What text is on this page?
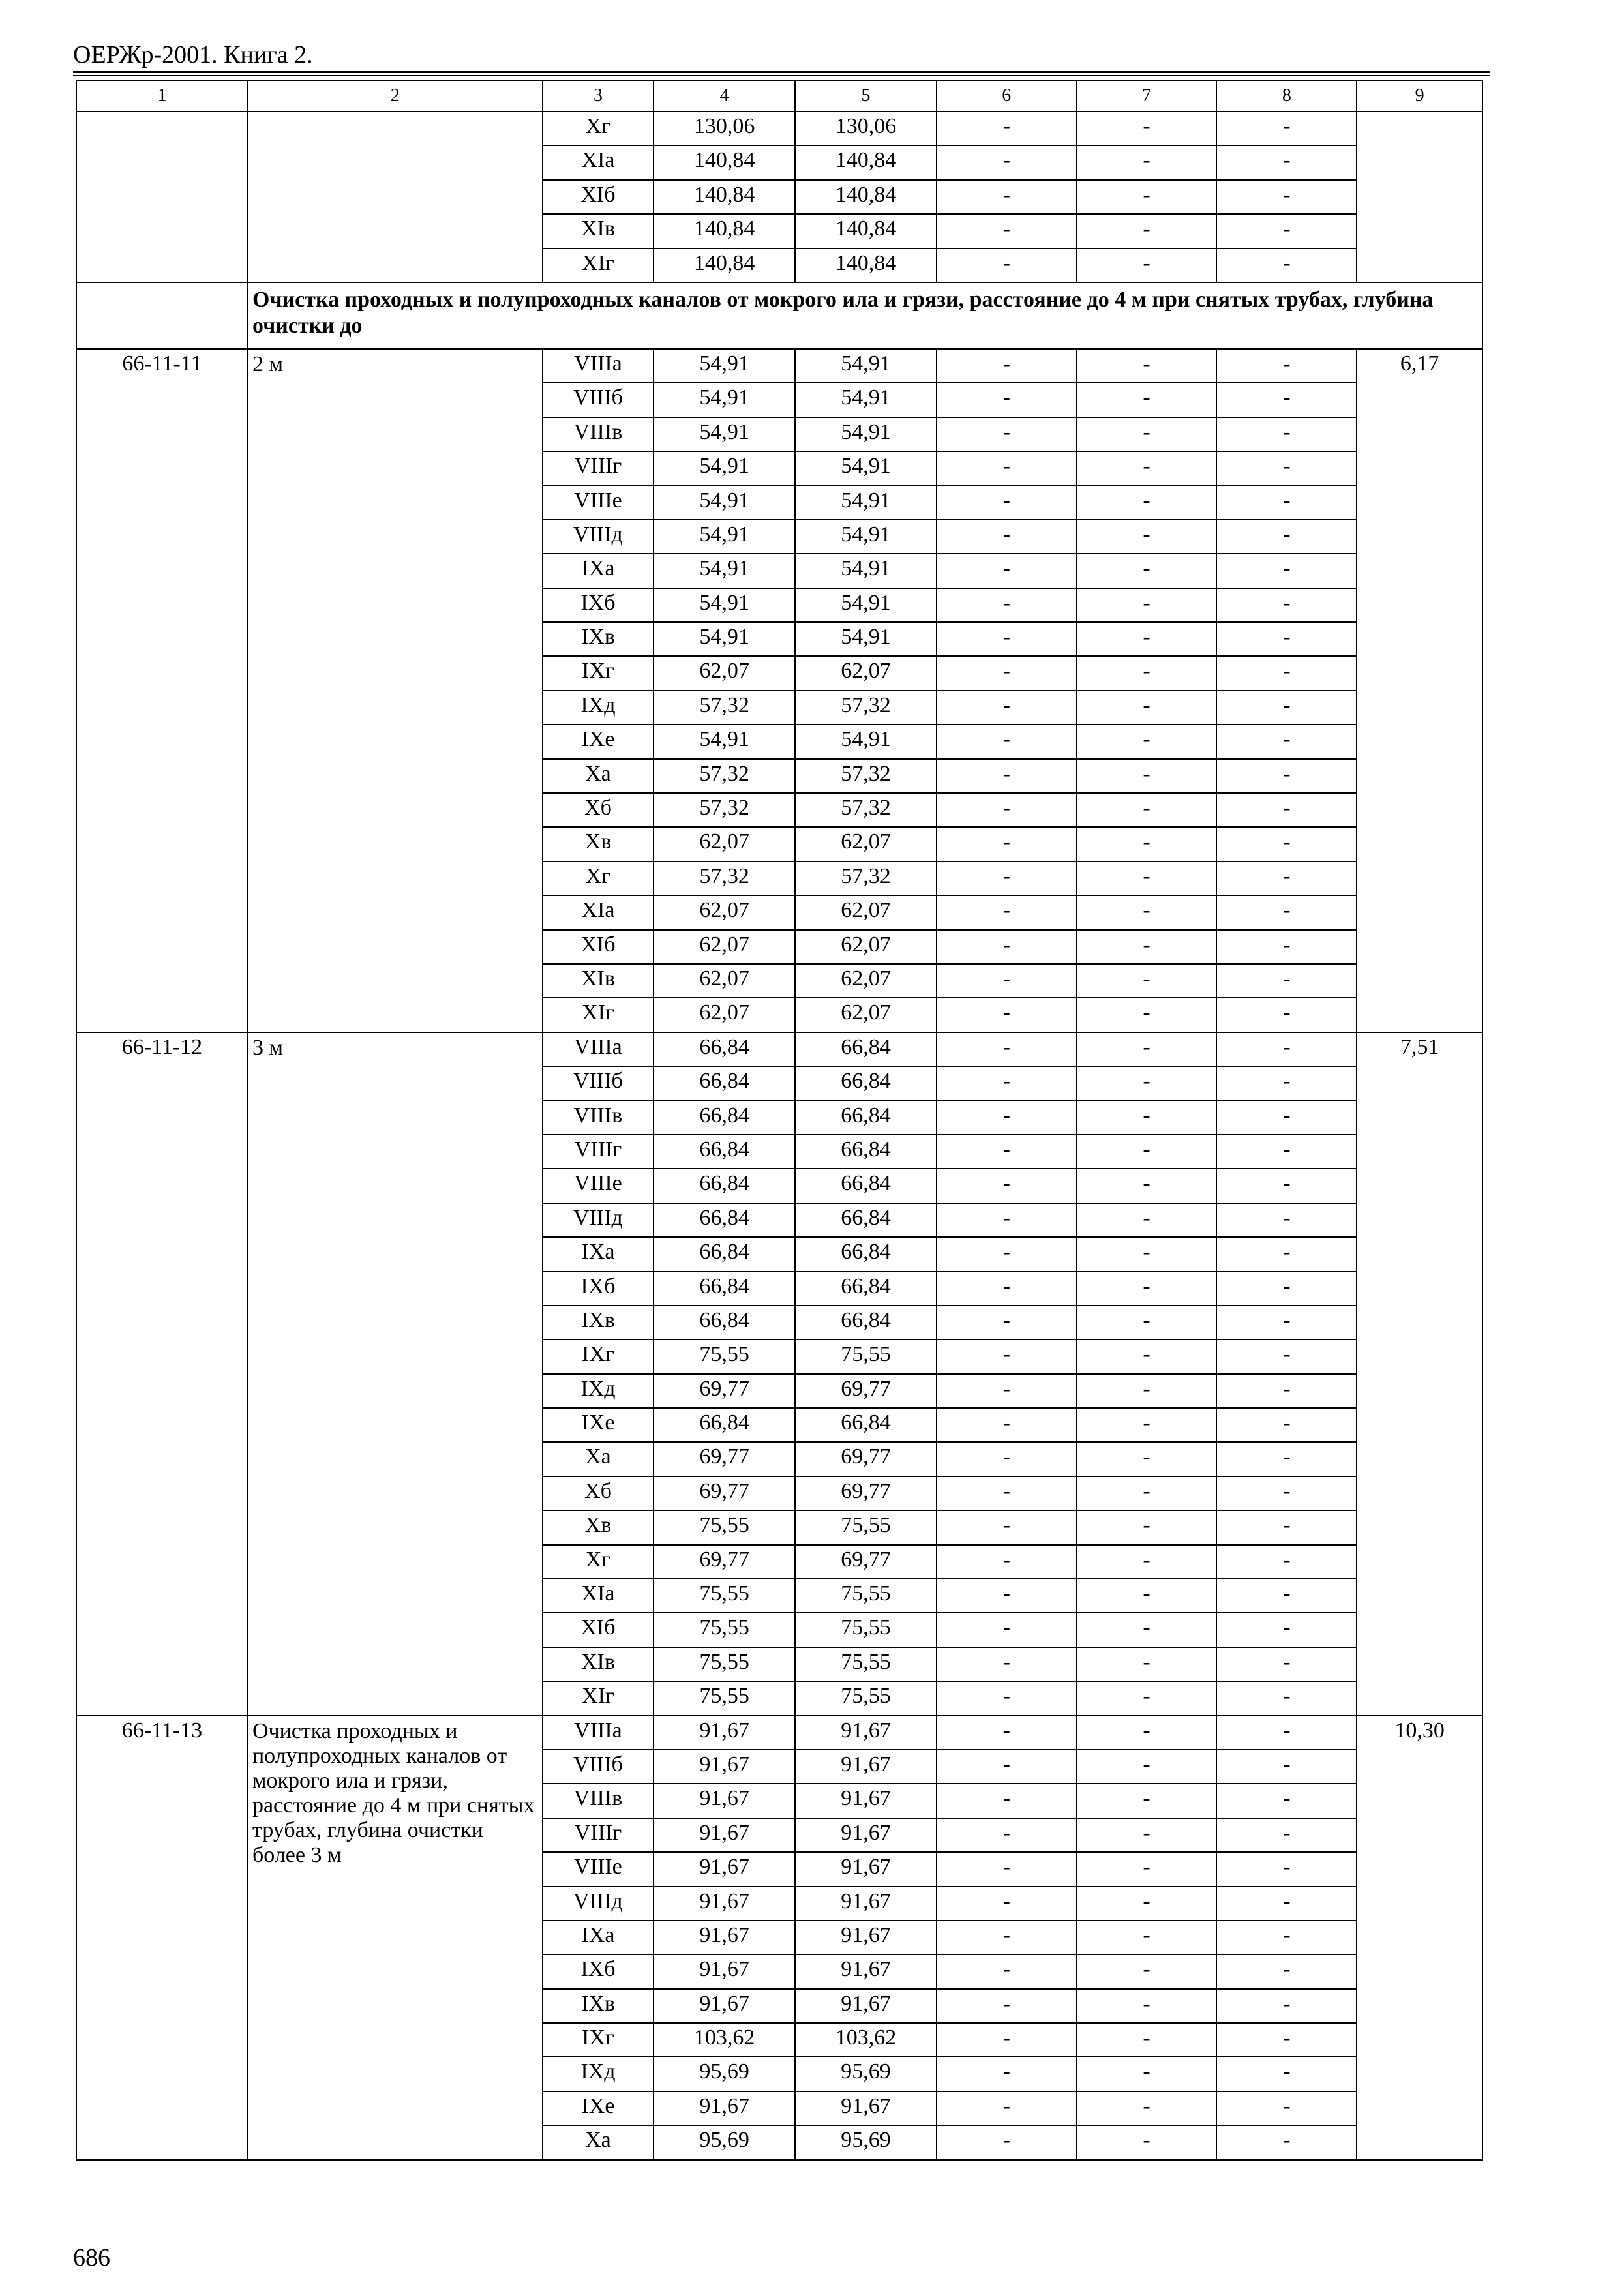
ОЕРЖр-2001. Книга 2.
1	2	3	4	5	6	7	8	9
		Xг	130,06	130,06	-	-	-	
		XIa	140,84	140,84	-	-	-	
		XIб	140,84	140,84	-	-	-	
		XIв	140,84	140,84	-	-	-	
		XIг	140,84	140,84	-	-	-	
	Очистка проходных и полупроходных каналов от мокрого ила и грязи, расстояние до 4 м при снятых трубах, глубина очистки до							
66-11-11	2 м	VIIIa	54,91	54,91	-	-	-	6,17
		VIIIб	54,91	54,91	-	-	-	
		VIIIв	54,91	54,91	-	-	-	
		VIIIг	54,91	54,91	-	-	-	
		VIIIe	54,91	54,91	-	-	-	
		VIIIд	54,91	54,91	-	-	-	
		IXa	54,91	54,91	-	-	-	
		IXб	54,91	54,91	-	-	-	
		IXв	54,91	54,91	-	-	-	
		IXг	62,07	62,07	-	-	-	
		IXд	57,32	57,32	-	-	-	
		IXe	54,91	54,91	-	-	-	
		Xa	57,32	57,32	-	-	-	
		Xб	57,32	57,32	-	-	-	
		Xв	62,07	62,07	-	-	-	
		Xг	57,32	57,32	-	-	-	
		XIa	62,07	62,07	-	-	-	
		XIб	62,07	62,07	-	-	-	
		XIв	62,07	62,07	-	-	-	
		XIг	62,07	62,07	-	-	-	
66-11-12	3 м	VIIIa	66,84	66,84	-	-	-	7,51
		VIIIб	66,84	66,84	-	-	-	
		VIIIв	66,84	66,84	-	-	-	
		VIIIг	66,84	66,84	-	-	-	
		VIIIe	66,84	66,84	-	-	-	
		VIIIд	66,84	66,84	-	-	-	
		IXa	66,84	66,84	-	-	-	
		IXб	66,84	66,84	-	-	-	
		IXв	66,84	66,84	-	-	-	
		IXг	75,55	75,55	-	-	-	
		IXд	69,77	69,77	-	-	-	
		IXe	66,84	66,84	-	-	-	
		Xa	69,77	69,77	-	-	-	
		Xб	69,77	69,77	-	-	-	
		Xв	75,55	75,55	-	-	-	
		Xг	69,77	69,77	-	-	-	
		XIa	75,55	75,55	-	-	-	
		XIб	75,55	75,55	-	-	-	
		XIв	75,55	75,55	-	-	-	
		XIг	75,55	75,55	-	-	-	
66-11-13	Очистка проходных и полупроходных каналов от мокрого ила и грязи, расстояние до 4 м при снятых трубах, глубина очистки более 3 м	VIIIa	91,67	91,67	-	-	-	10,30
		VIIIб	91,67	91,67	-	-	-	
		VIIIв	91,67	91,67	-	-	-	
		VIIIг	91,67	91,67	-	-	-	
		VIIIe	91,67	91,67	-	-	-	
		VIIIд	91,67	91,67	-	-	-	
		IXa	91,67	91,67	-	-	-	
		IXб	91,67	91,67	-	-	-	
		IXв	91,67	91,67	-	-	-	
		IXг	103,62	103,62	-	-	-	
		IXд	95,69	95,69	-	-	-	
		IXe	91,67	91,67	-	-	-	
		Xa	95,69	95,69	-	-	-	
686
